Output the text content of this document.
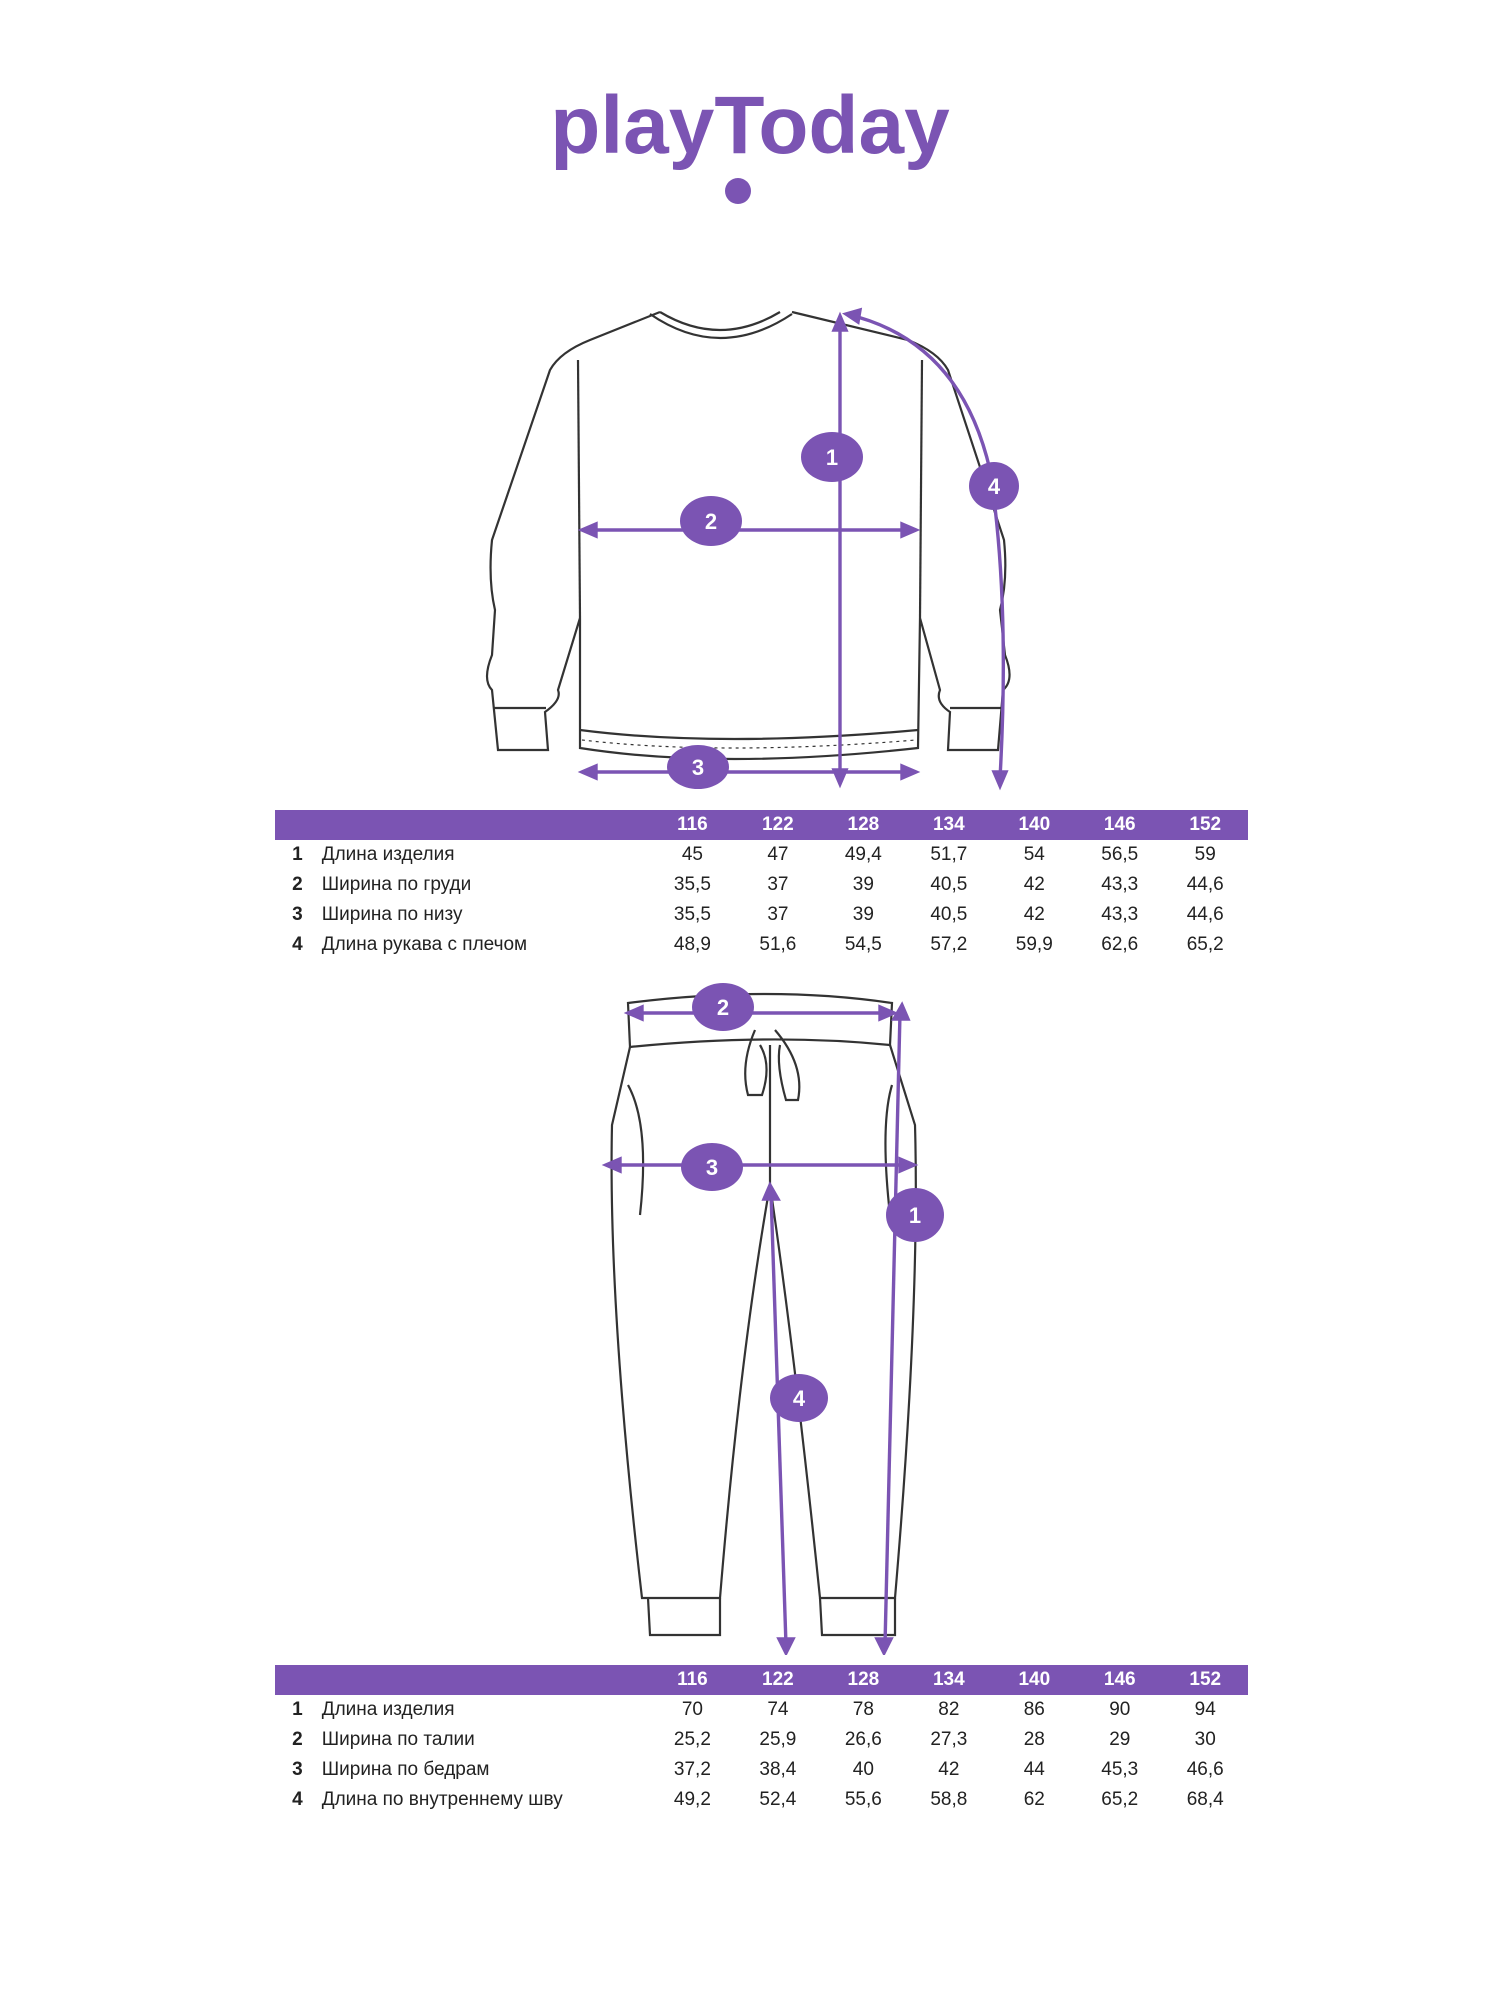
playToday
1
2
3
4
116	122	128	134	140	146	152
1	Длина изделия	45	47	49,4	51,7	54	56,5	59
2	Ширина по груди	35,5	37	39	40,5	42	43,3	44,6
3	Ширина по низу	35,5	37	39	40,5	42	43,3	44,6
4	Длина рукава с плечом	48,9	51,6	54,5	57,2	59,9	62,6	65,2
2
3
1
4
116	122	128	134	140	146	152
1	Длина изделия	70	74	78	82	86	90	94
2	Ширина по талии	25,2	25,9	26,6	27,3	28	29	30
3	Ширина по бедрам	37,2	38,4	40	42	44	45,3	46,6
4	Длина по внутреннему шву	49,2	52,4	55,6	58,8	62	65,2	68,4
